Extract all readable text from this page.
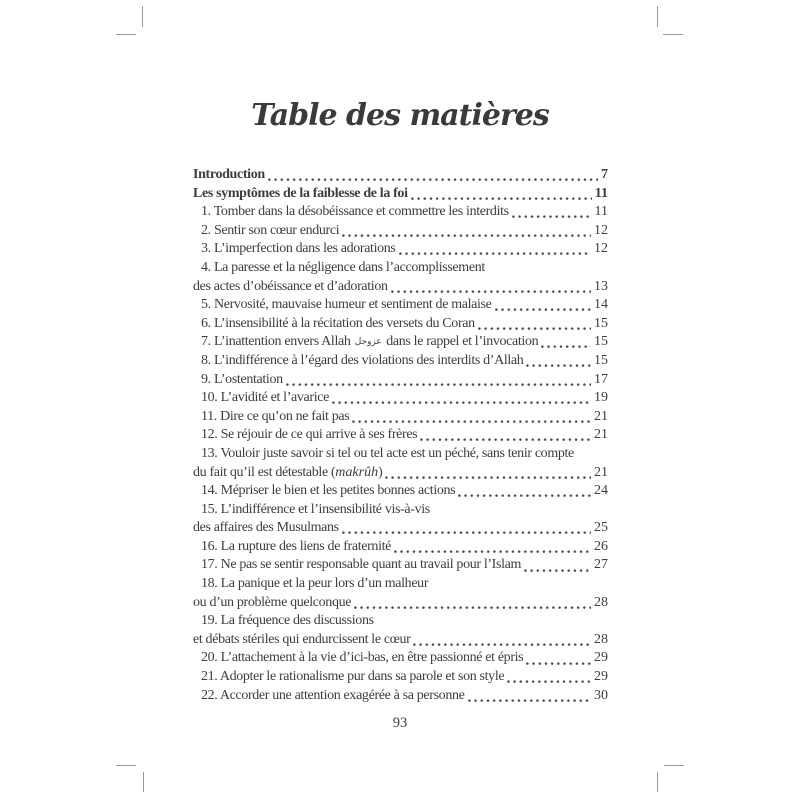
Table des matières
Introduction	7
Les symptômes de la faiblesse de la foi	11
1. Tomber dans la désobéissance et commettre les interdits	11
2. Sentir son cœur endurci	12
3. L’imperfection dans les adorations	12
4. La paresse et la négligence dans l’accomplissement
des actes d’obéissance et d’adoration	13
5. Nervosité, mauvaise humeur et sentiment de malaise	14
6. L’insensibilité à la récitation des versets du Coran	15
7. L’inattention envers Allah عزوجل dans le rappel et l’invocation	15
8. L’indifférence à l’égard des violations des interdits d’Allah	15
9. L’ostentation	17
10. L’avidité et l’avarice	19
11. Dire ce qu’on ne fait pas	21
12. Se réjouir de ce qui arrive à ses frères	21
13. Vouloir juste savoir si tel ou tel acte est un péché, sans tenir compte
du fait qu’il est détestable (makrûh)	21
14. Mépriser le bien et les petites bonnes actions	24
15. L’indifférence et l’insensibilité vis-à-vis
des affaires des Musulmans	25
16. La rupture des liens de fraternité	26
17. Ne pas se sentir responsable quant au travail pour l’Islam	27
18. La panique et la peur lors d’un malheur
ou d’un problème quelconque	28
19. La fréquence des discussions
et débats stériles qui endurcissent le cœur	28
20. L’attachement à la vie d’ici-bas, en être passionné et épris	29
21. Adopter le rationalisme pur dans sa parole et son style	29
22. Accorder une attention exagérée à sa personne	30
93
